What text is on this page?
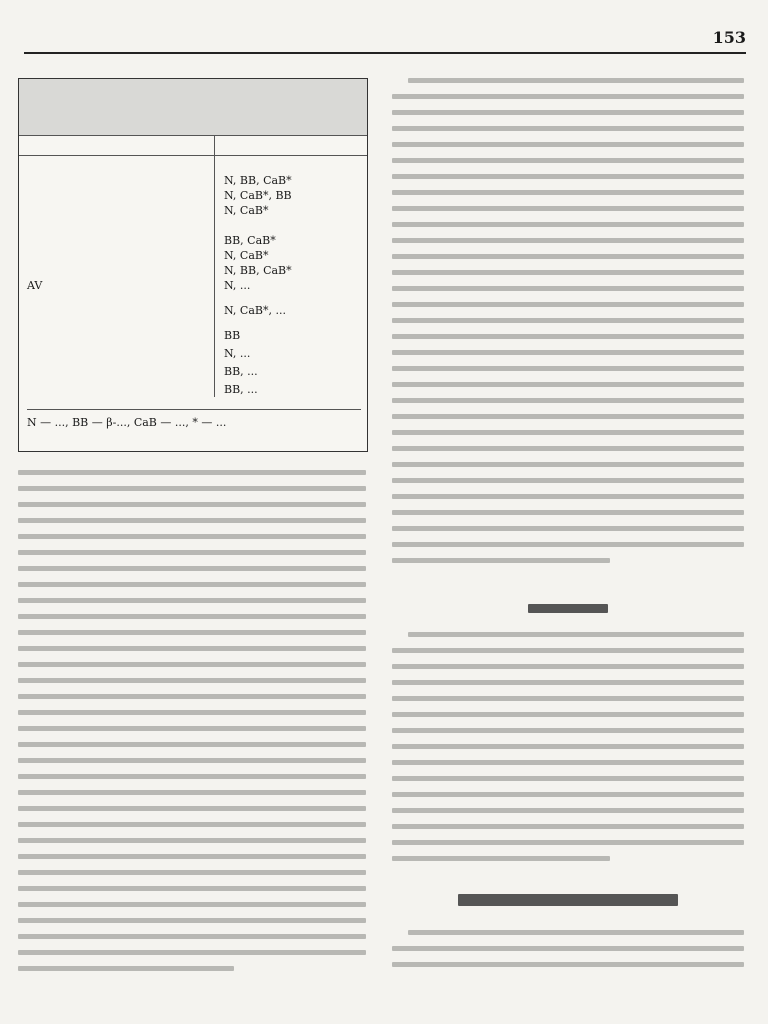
153
N, BB, CaB*
N, CaB*, BB
N, CaB*
BB, CaB*
N, CaB*
N, BB, CaB*
AV	N, ...
N, CaB*, ...
BB
N, ...
BB, ...
BB, ...
N — ..., BB — β-..., CaB — ..., * — ...
